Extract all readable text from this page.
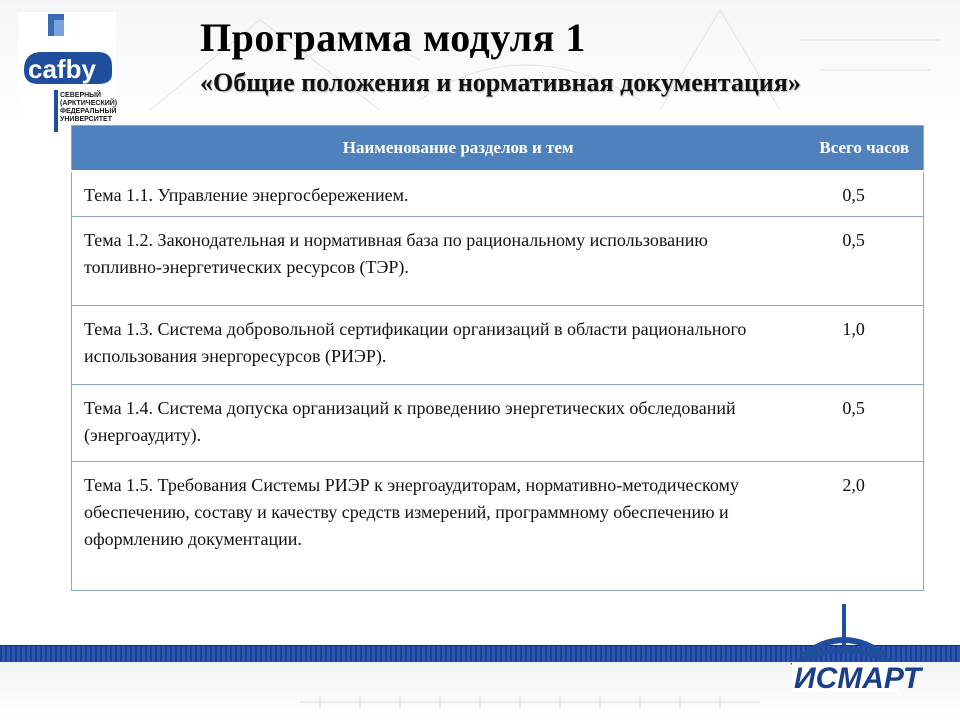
cafby
СЕВЕРНЫЙ
(АРКТИЧЕСКИЙ)
ФЕДЕРАЛЬНЫЙ
УНИВЕРСИТЕТ
Программа модуля 1
«Общие положения и нормативная документация»
Наименование разделов и тем	Всего часов
Тема 1.1. Управление энергосбережением.	0,5
Тема 1.2. Законодательная и нормативная база по рациональному использованию топливно-энергетических ресурсов (ТЭР).	0,5
Тема 1.3. Система добровольной сертификации организаций в области рационального использования энергоресурсов (РИЭР).	1,0
Тема 1.4. Система допуска организаций к проведению энергетических обследований (энергоаудиту).	0,5
Тема 1.5. Требования Системы РИЭР к энергоаудиторам, нормативно-методическому обеспечению, составу и качеству средств измерений, программному обеспечению и оформлению документации.	2,0
ИСМАРТ
